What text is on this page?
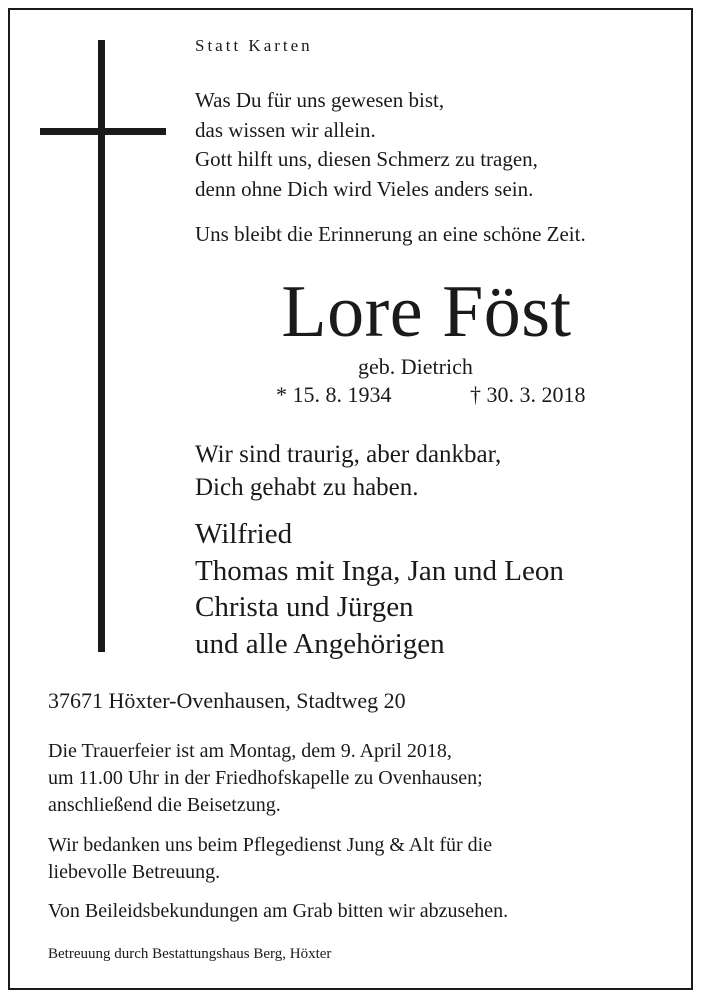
Statt Karten
Was Du für uns gewesen bist,
das wissen wir allein.
Gott hilft uns, diesen Schmerz zu tragen,
denn ohne Dich wird Vieles anders sein.
Uns bleibt die Erinnerung an eine schöne Zeit.
Lore Föst
geb. Dietrich
* 15. 8. 1934	† 30. 3. 2018
Wir sind traurig, aber dankbar,
Dich gehabt zu haben.
Wilfried
Thomas mit Inga, Jan und Leon
Christa und Jürgen
und alle Angehörigen
37671 Höxter-Ovenhausen, Stadtweg 20
Die Trauerfeier ist am Montag, dem 9. April 2018,
um 11.00 Uhr in der Friedhofskapelle zu Ovenhausen;
anschließend die Beisetzung.
Wir bedanken uns beim Pflegedienst Jung & Alt für die
liebevolle Betreuung.
Von Beileidsbekundungen am Grab bitten wir abzusehen.
Betreuung durch Bestattungshaus Berg, Höxter
